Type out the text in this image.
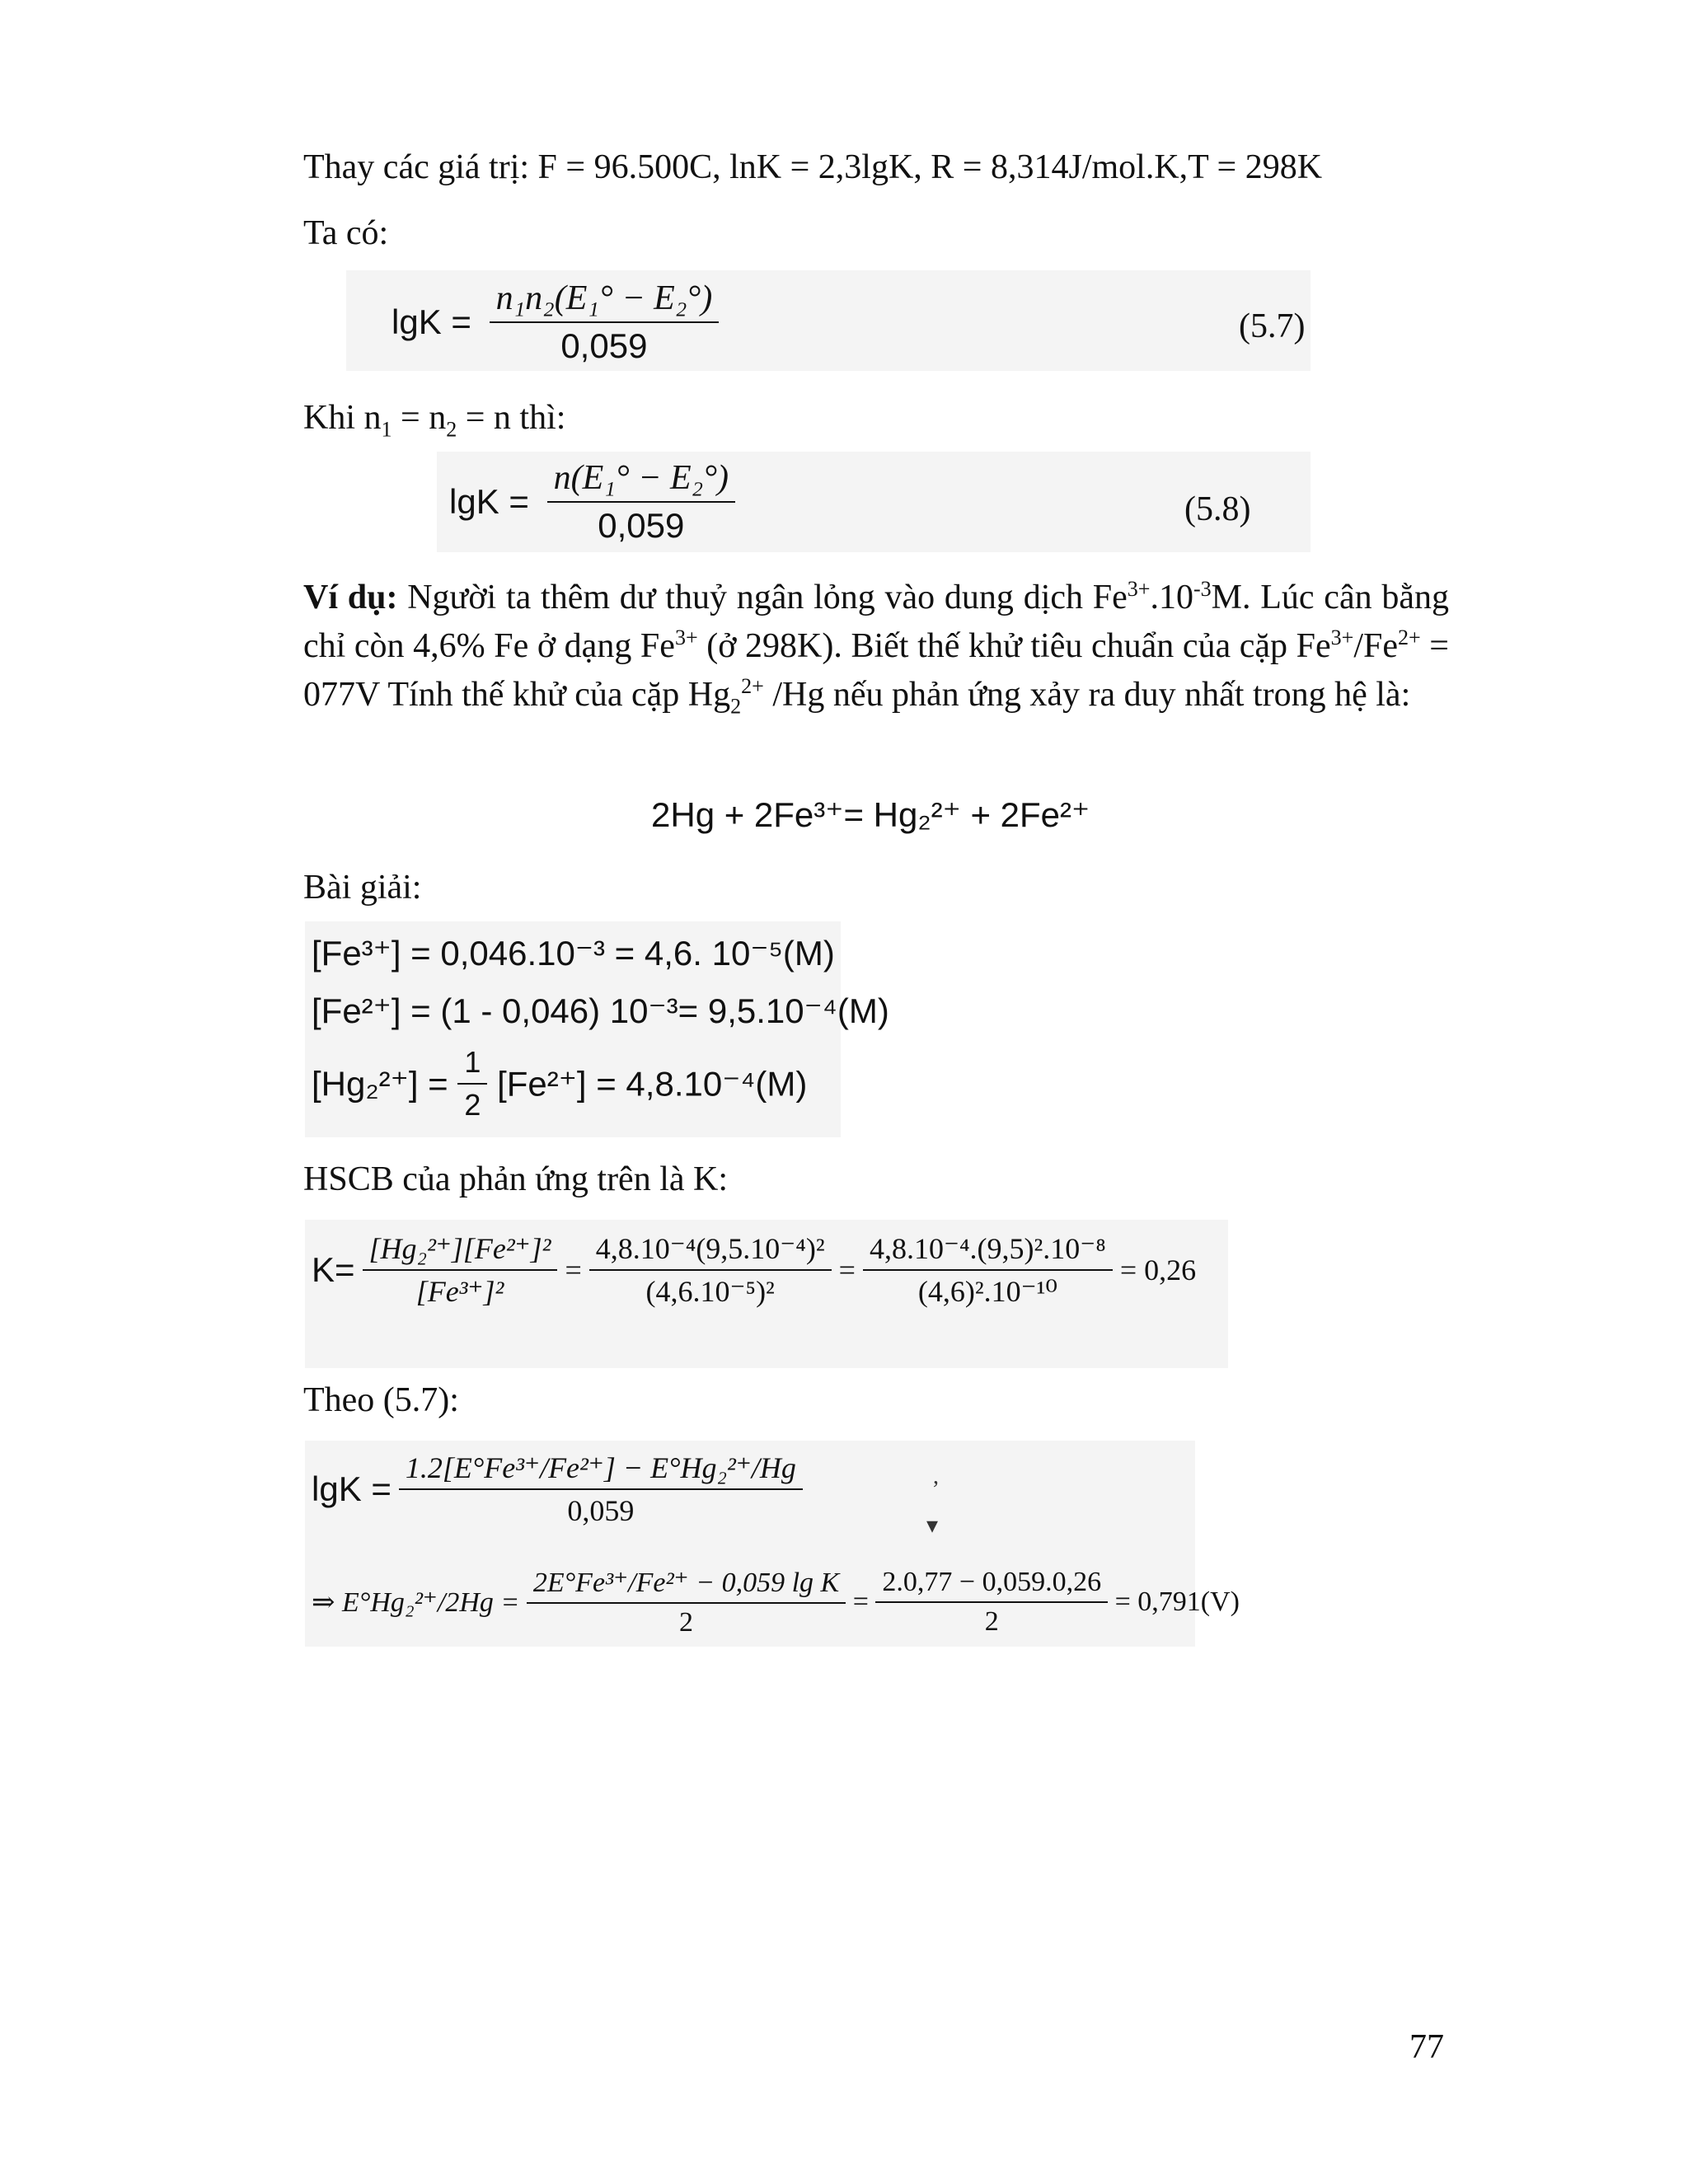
Thay các giá trị: F = 96.500C, lnK = 2,3lgK, R = 8,314J/mol.K,T = 298K
Ta có:
$\lg K = \frac{\text{n₁n₂(E₁° − E₂°)}}{0,059}$	(5.7)
Khi $n_1 = n_2 = n$ thì:
$\lg K = \frac{\text{n(E₁° − E₂°)}}{0,059}$	(5.8)
Ví dụ: Người ta thêm dư thuỷ ngân lỏng vào dung dịch $Fe^{3+}.10^{-3}M$. Lúc cân bằng chỉ còn 4,6% Fe ở dạng $Fe^{3+}$ (ở 298K). Biết thế khử tiêu chuẩn của cặp $Fe^{3+}/Fe^{2+} = 077V$ Tính thế khử của cặp $Hg_2^{2+}$ /Hg nếu phản ứng xảy ra duy nhất trong hệ là:
2Hg + 2Fe³⁺= Hg₂²⁺ + 2Fe²⁺
Bài giải:
[Fe³⁺] = 0,046.10⁻³ = 4,6. 10⁻⁵(M)
[Fe²⁺] = (1 - 0,046) 10⁻³= 9,5.10⁻⁴(M)
$[Hg_2^{2+}] = \frac{1}{2} [Fe^{2+}] = 4,8.10^{-4}(M)$
HSCB của phản ứng trên là K:
$K= \frac{\text{[Hg₂²⁺][Fe²⁺]²}}{\text{[Fe³⁺]²}} = \frac{\text{4,8.10⁻⁴(9,5.10⁻⁴)²}}{\text{(4,6.10⁻⁵)²}} = \frac{\text{4,8.10⁻⁴.(9,5)².10⁻⁸}}{\text{(4,6)².10⁻¹⁰}} = 0,26$
Theo (5.7):
$\lg K = \frac{\text{1.2[E°Fe³⁺/Fe²⁺] − E°Hg₂²⁺/Hg}}{0,059}$	,
▾
⇒ $E^\circ Hg_2^{2+}/2Hg = \frac{\text{2E°Fe³⁺/Fe²⁺ − 0,059 lg K}}{2} = \frac{2.0,77 - 0,059.0,26}{2} = 0,791(V)$
77
